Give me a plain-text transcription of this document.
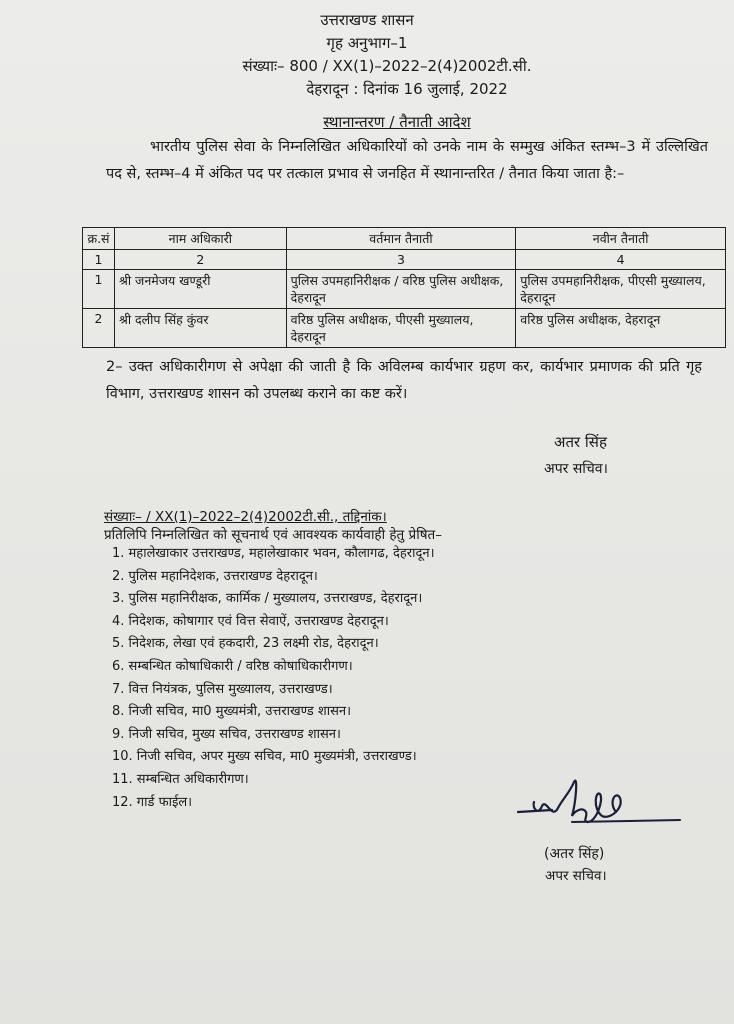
उत्तराखण्ड शासन
गृह अनुभाग–1
संख्याः– 800 / XX(1)–2022–2(4)2002टी.सी.
देहरादून : दिनांक 16 जुलाई, 2022
स्थानान्तरण / तैनाती आदेश
भारतीय पुलिस सेवा के निम्नलिखित अधिकारियों को उनके नाम के सम्मुख अंकित स्तम्भ–3 में उल्लिखित पद से, स्तम्भ–4 में अंकित पद पर तत्काल प्रभाव से जनहित में स्थानान्तरित / तैनात किया जाता है:–
क्र.सं	नाम अधिकारी	वर्तमान तैनाती	नवीन तैनाती
1	2	3	4
1	श्री जनमेजय खण्डूरी	पुलिस उपमहानिरीक्षक / वरिष्ठ पुलिस अधीक्षक, देहरादून	पुलिस उपमहानिरीक्षक, पीएसी मुख्यालय, देहरादून
2	श्री दलीप सिंह कुंवर	वरिष्ठ पुलिस अधीक्षक, पीएसी मुख्यालय, देहरादून	वरिष्ठ पुलिस अधीक्षक, देहरादून
2– उक्त अधिकारीगण से अपेक्षा की जाती है कि अविलम्ब कार्यभार ग्रहण कर, कार्यभार प्रमाणक की प्रति गृह विभाग, उत्तराखण्ड शासन को उपलब्ध कराने का कष्ट करें।
अतर सिंह
अपर सचिव।
संख्याः– / XX(1)–2022–2(4)2002टी.सी., तद्दिनांक।
प्रतिलिपि निम्नलिखित को सूचनार्थ एवं आवश्यक कार्यवाही हेतु प्रेषित–
1. महालेखाकार उत्तराखण्ड, महालेखाकार भवन, कौलागढ, देहरादून।
2. पुलिस महानिदेशक, उत्तराखण्ड देहरादून।
3. पुलिस महानिरीक्षक, कार्मिक / मुख्यालय, उत्तराखण्ड, देहरादून।
4. निदेशक, कोषागार एवं वित्त सेवाऐं, उत्तराखण्ड देहरादून।
5. निदेशक, लेखा एवं हकदारी, 23 लक्ष्मी रोड, देहरादून।
6. सम्बन्धित कोषाधिकारी / वरिष्ठ कोषाधिकारीगण।
7. वित्त नियंत्रक, पुलिस मुख्यालय, उत्तराखण्ड।
8. निजी सचिव, मा0 मुख्यमंत्री, उत्तराखण्ड शासन।
9. निजी सचिव, मुख्य सचिव, उत्तराखण्ड शासन।
10. निजी सचिव, अपर मुख्य सचिव, मा0 मुख्यमंत्री, उत्तराखण्ड।
11. सम्बन्धित अधिकारीगण।
12. गार्ड फाईल।
(अतर सिंह)
अपर सचिव।
